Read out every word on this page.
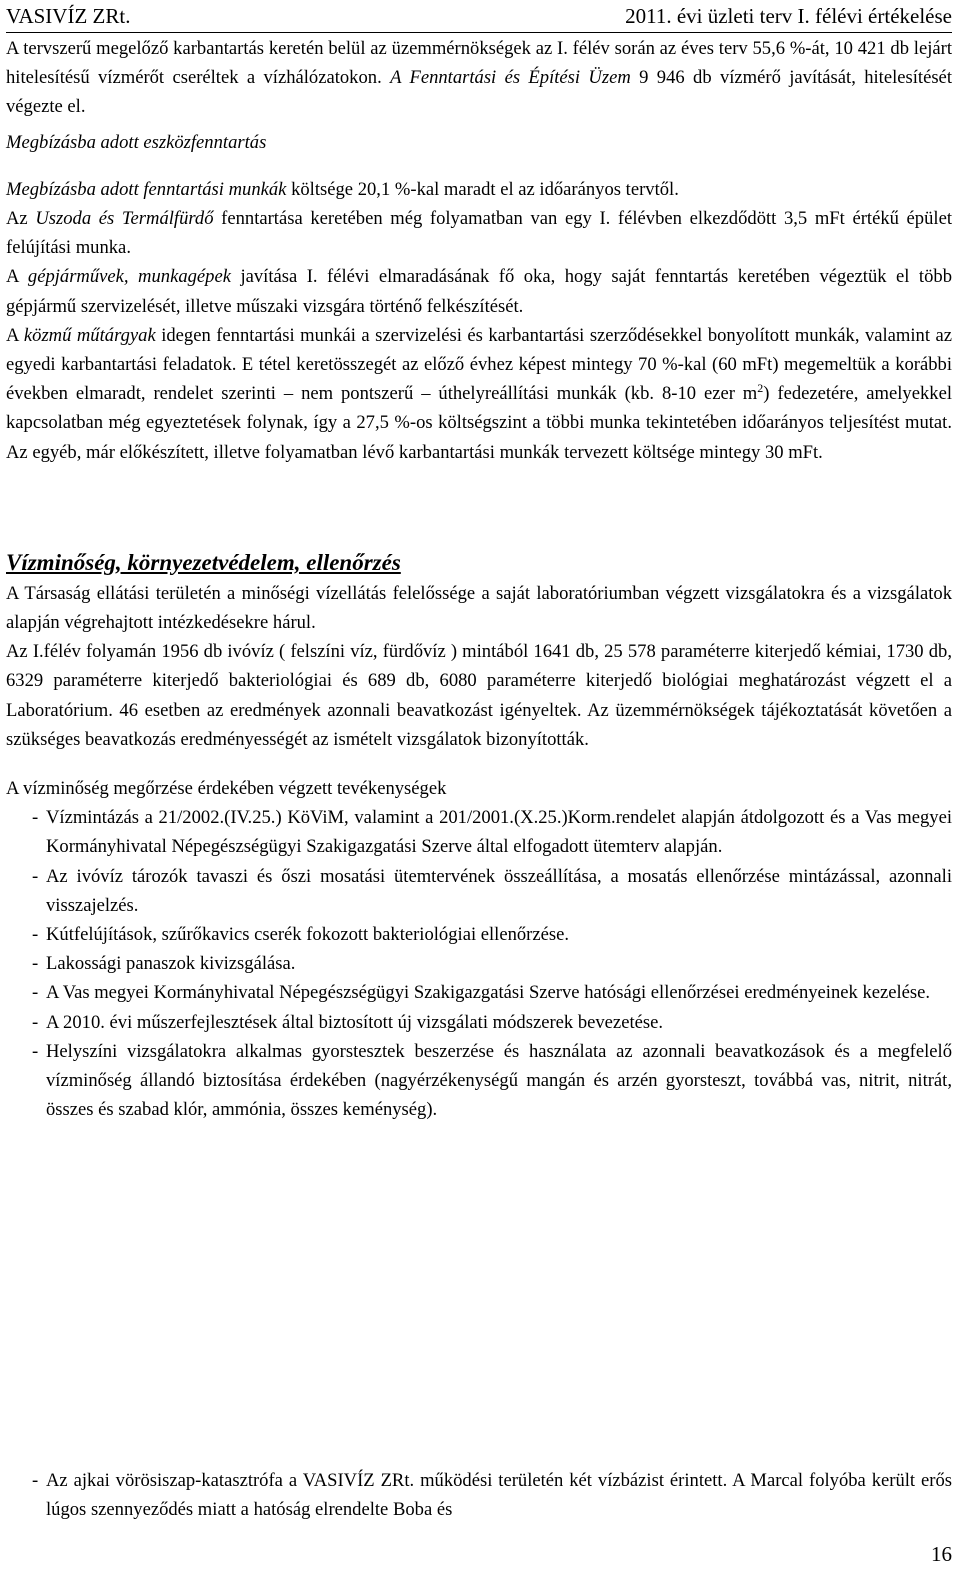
VASIVÍZ ZRt.	2011. évi üzleti terv I. félévi értékelése

A tervszerű megelőző karbantartás keretén belül az üzemmérnökségek az I. félév során az éves terv 55,6 %-át, 10 421 db lejárt hitelesítésű vízmérőt cseréltek a vízhálózatokon. A Fenntartási és Építési Üzem 9 946 db vízmérő javítását, hitelesítését végezte el.

Megbízásba adott eszközfenntartás

Megbízásba adott fenntartási munkák költsége 20,1 %-kal maradt el az időarányos tervtől.

Az Uszoda és Termálfürdő fenntartása keretében még folyamatban van egy I. félévben elkezdődött 3,5 mFt értékű épület felújítási munka.

A gépjárművek, munkagépek javítása I. félévi elmaradásának fő oka, hogy saját fenntartás keretében végeztük el több gépjármű szervizelését, illetve műszaki vizsgára történő felkészítését.

A közmű műtárgyak idegen fenntartási munkái a szervizelési és karbantartási szerződésekkel bonyolított munkák, valamint az egyedi karbantartási feladatok. E tétel keretösszegét az előző évhez képest mintegy 70 %-kal (60 mFt) megemeltük a korábbi években elmaradt, rendelet szerinti – nem pontszerű – úthelyreállítási munkák (kb. 8-10 ezer $m^2$) fedezetére, amelyekkel kapcsolatban még egyeztetések folynak, így a 27,5 %-os költségszint a többi munka tekintetében időarányos teljesítést mutat. Az egyéb, már előkészített, illetve folyamatban lévő karbantartási munkák tervezett költsége mintegy 30 mFt.

Vízminőség, környezetvédelem, ellenőrzés

A Társaság ellátási területén a minőségi vízellátás felelőssége a saját laboratóriumban végzett vizsgálatokra és a vizsgálatok alapján végrehajtott intézkedésekre hárul.

Az I.félév folyamán 1956 db ivóvíz ( felszíni víz, fürdővíz ) mintából 1641 db, 25 578 paraméterre kiterjedő kémiai, 1730 db, 6329 paraméterre kiterjedő bakteriológiai és 689 db, 6080 paraméterre kiterjedő biológiai meghatározást végzett el a Laboratórium. 46 esetben az eredmények azonnali beavatkozást igényeltek. Az üzemmérnökségek tájékoztatását követően a szükséges beavatkozás eredményességét az ismételt vizsgálatok bizonyították.

A vízminőség megőrzése érdekében végzett tevékenységek

- Vízmintázás a 21/2002.(IV.25.) KöViM, valamint a 201/2001.(X.25.)Korm.rendelet alapján átdolgozott és a Vas megyei Kormányhivatal Népegészségügyi Szakigazgatási Szerve által elfogadott ütemterv alapján.
- Az ivóvíz tározók tavaszi és őszi mosatási ütemtervének összeállítása, a mosatás ellenőrzése mintázással, azonnali visszajelzés.
- Kútfelújítások, szűrőkavics cserék fokozott bakteriológiai ellenőrzése.
- Lakossági panaszok kivizsgálása.
- A Vas megyei Kormányhivatal Népegészségügyi Szakigazgatási Szerve hatósági ellenőrzései eredményeinek kezelése.
- A 2010. évi műszerfejlesztések által biztosított új vizsgálati módszerek bevezetése.
- Helyszíni vizsgálatokra alkalmas gyorstesztek beszerzése és használata az azonnali beavatkozások és a megfelelő vízminőség állandó biztosítása érdekében (nagyérzékenységű mangán és arzén gyorsteszt, továbbá vas, nitrit, nitrát, összes és szabad klór, ammónia, összes keménység).
- Az ajkai vörösiszap-katasztrófa a VASIVÍZ ZRt. működési területén két vízbázist érintett. A Marcal folyóba került erős lúgos szennyeződés miatt a hatóság elrendelte Boba és
16
